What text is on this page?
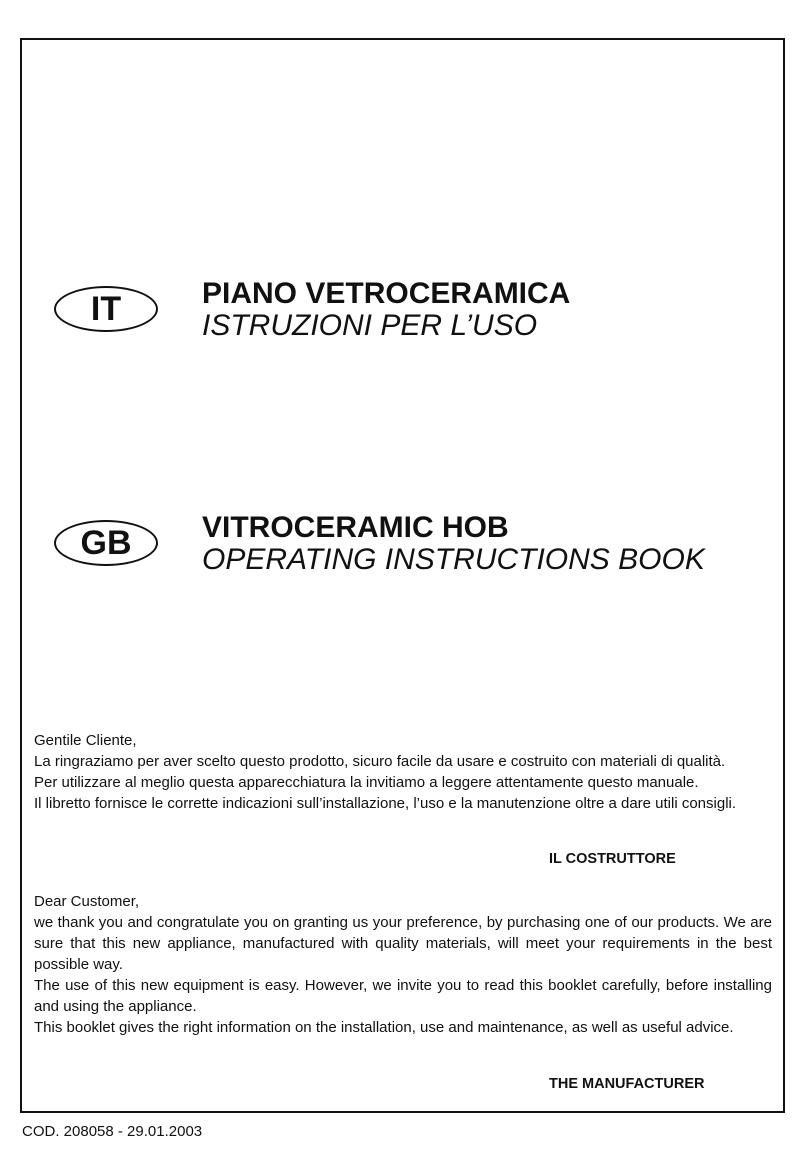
IT	PIANO VETROCERAMICA
ISTRUZIONI PER L’USO
GB	VITROCERAMIC HOB
OPERATING INSTRUCTIONS BOOK

Gentile Cliente,

La ringraziamo per aver scelto questo prodotto, sicuro facile da usare e costruito con materiali di qualità.

Per utilizzare al meglio questa apparecchiatura la invitiamo a leggere attentamente questo manuale.

Il libretto fornisce le corrette indicazioni sull’installazione, l’uso e la manutenzione oltre a dare utili consigli.

IL COSTRUTTORE

Dear Customer,

we thank you and congratulate you on granting us your preference, by purchasing one of our products. We are sure that this new appliance, manufactured with quality materials, will meet your requirements in the best possible way.

The use of this new equipment is easy. However, we invite you to read this booklet carefully, before installing and using the appliance.

This booklet gives the right information on the installation, use and maintenance, as well as useful advice.

THE MANUFACTURER
COD. 208058 - 29.01.2003
